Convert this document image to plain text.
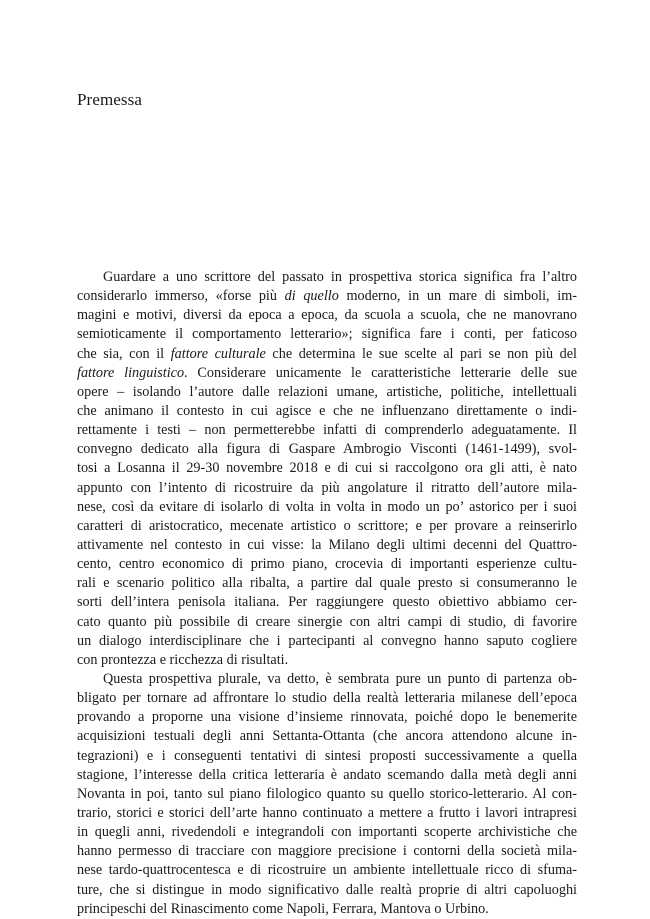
Premessa
Guardare a uno scrittore del passato in prospettiva storica significa fra l’altro
considerarlo immerso, «forse più di quello moderno, in un mare di simboli, im-
magini e motivi, diversi da epoca a epoca, da scuola a scuola, che ne manovrano
semioticamente il comportamento letterario»; significa fare i conti, per faticoso
che sia, con il fattore culturale che determina le sue scelte al pari se non più del
fattore linguistico. Considerare unicamente le caratteristiche letterarie delle sue
opere – isolando l’autore dalle relazioni umane, artistiche, politiche, intellettuali
che animano il contesto in cui agisce e che ne influenzano direttamente o indi-
rettamente i testi – non permetterebbe infatti di comprenderlo adeguatamente. Il
convegno dedicato alla figura di Gaspare Ambrogio Visconti (1461-1499), svol-
tosi a Losanna il 29-30 novembre 2018 e di cui si raccolgono ora gli atti, è nato
appunto con l’intento di ricostruire da più angolature il ritratto dell’autore mila-
nese, così da evitare di isolarlo di volta in volta in modo un po’ astorico per i suoi
caratteri di aristocratico, mecenate artistico o scrittore; e per provare a reinserirlo
attivamente nel contesto in cui visse: la Milano degli ultimi decenni del Quattro-
cento, centro economico di primo piano, crocevia di importanti esperienze cultu-
rali e scenario politico alla ribalta, a partire dal quale presto si consumeranno le
sorti dell’intera penisola italiana. Per raggiungere questo obiettivo abbiamo cer-
cato quanto più possibile di creare sinergie con altri campi di studio, di favorire
un dialogo interdisciplinare che i partecipanti al convegno hanno saputo cogliere
con prontezza e ricchezza di risultati.
Questa prospettiva plurale, va detto, è sembrata pure un punto di partenza ob-
bligato per tornare ad affrontare lo studio della realtà letteraria milanese dell’epoca
provando a proporne una visione d’insieme rinnovata, poiché dopo le benemerite
acquisizioni testuali degli anni Settanta-Ottanta (che ancora attendono alcune in-
tegrazioni) e i conseguenti tentativi di sintesi proposti successivamente a quella
stagione, l’interesse della critica letteraria è andato scemando dalla metà degli anni
Novanta in poi, tanto sul piano filologico quanto su quello storico-letterario. Al con-
trario, storici e storici dell’arte hanno continuato a mettere a frutto i lavori intrapresi
in quegli anni, rivedendoli e integrandoli con importanti scoperte archivistiche che
hanno permesso di tracciare con maggiore precisione i contorni della società mila-
nese tardo-quattrocentesca e di ricostruire un ambiente intellettuale ricco di sfuma-
ture, che si distingue in modo significativo dalle realtà proprie di altri capoluoghi
principeschi del Rinascimento come Napoli, Ferrara, Mantova o Urbino.
